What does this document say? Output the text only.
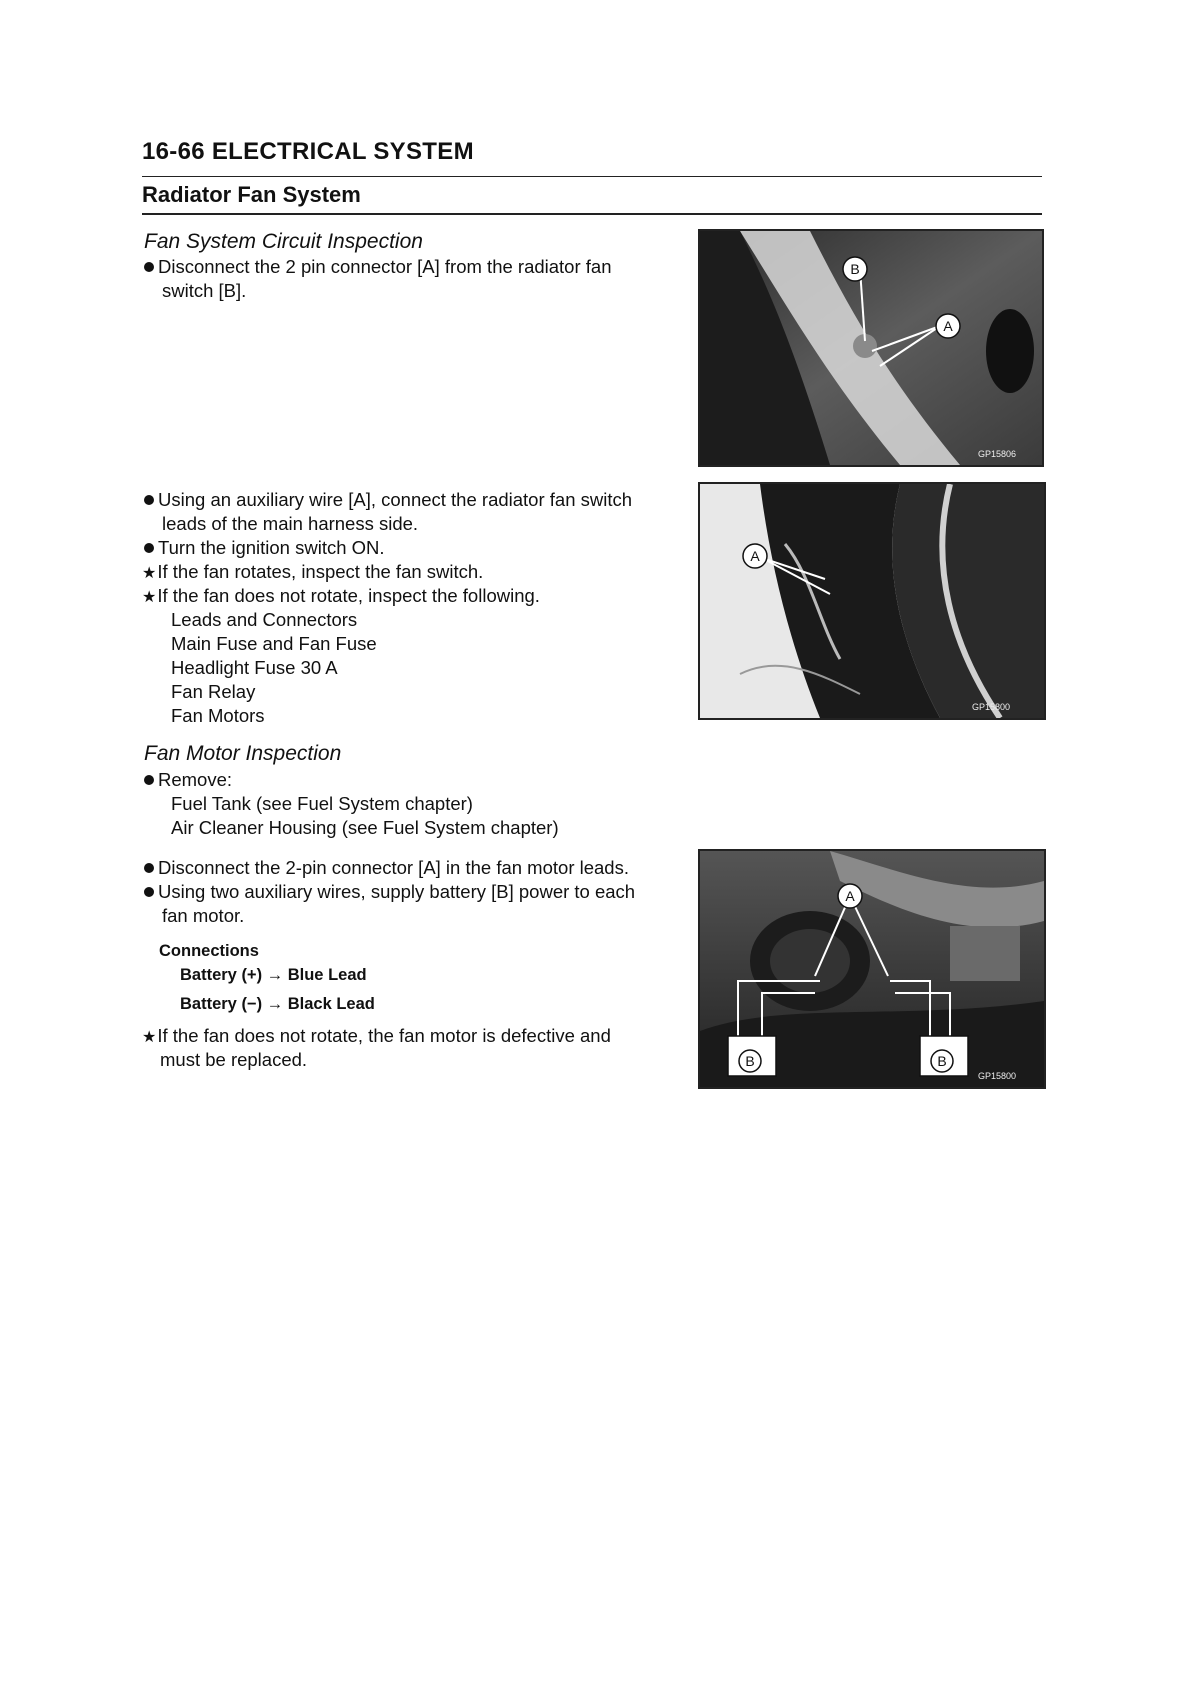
16-66 ELECTRICAL SYSTEM
Radiator Fan System
Fan System Circuit Inspection
Disconnect the 2 pin connector [A] from the radiator fan
switch [B].
Using an auxiliary wire [A], connect the radiator fan switch
leads of the main harness side.
Turn the ignition switch ON.
★If the fan rotates, inspect the fan switch.
★If the fan does not rotate, inspect the following.
Leads and Connectors
Main Fuse and Fan Fuse
Headlight Fuse 30 A
Fan Relay
Fan Motors
Fan Motor Inspection
Remove:
Fuel Tank (see Fuel System chapter)
Air Cleaner Housing (see Fuel System chapter)
Disconnect the 2-pin connector [A] in the fan motor leads.
Using two auxiliary wires, supply battery [B] power to each
fan motor.
Connections
Battery (+) → Blue Lead
Battery (−) → Black Lead
★If the fan does not rotate, the fan motor is defective and
must be replaced.
B
A
GP15806
A
GP15800
A
B	B
GP15800
